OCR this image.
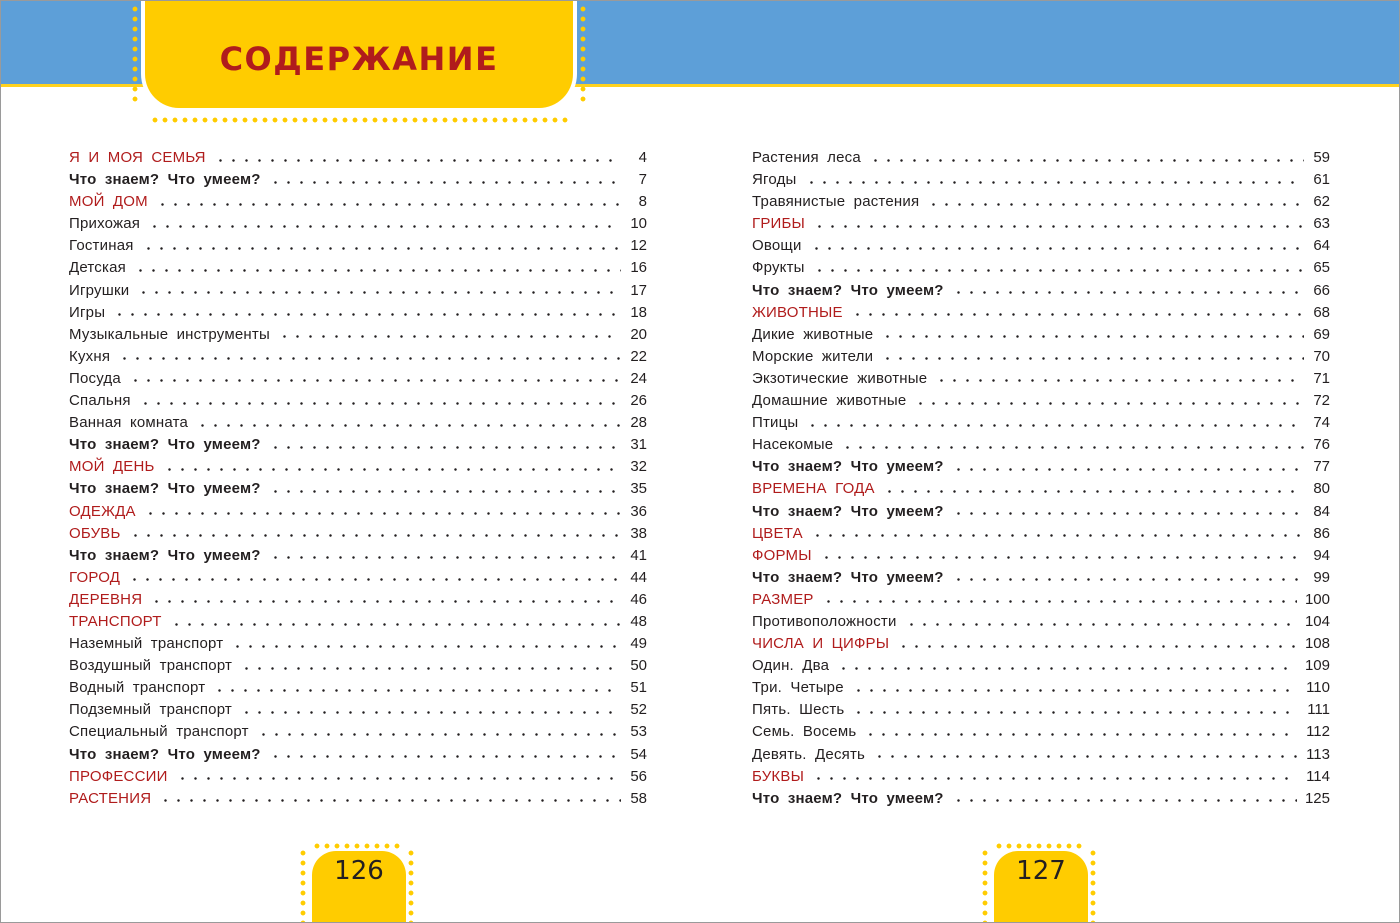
СОДЕРЖАНИЕ
Я И МОЯ СЕМЬЯ	4
Что знаем? Что умеем?	7
МОЙ ДОМ	8
Прихожая	10
Гостиная	12
Детская	16
Игрушки	17
Игры	18
Музыкальные инструменты	20
Кухня	22
Посуда	24
Спальня	26
Ванная комната	28
Что знаем? Что умеем?	31
МОЙ ДЕНЬ	32
Что знаем? Что умеем?	35
ОДЕЖДА	36
ОБУВЬ	38
Что знаем? Что умеем?	41
ГОРОД	44
ДЕРЕВНЯ	46
ТРАНСПОРТ	48
Наземный транспорт	49
Воздушный транспорт	50
Водный транспорт	51
Подземный транспорт	52
Специальный транспорт	53
Что знаем? Что умеем?	54
ПРОФЕССИИ	56
РАСТЕНИЯ	58
Растения леса	59
Ягоды	61
Травянистые растения	62
ГРИБЫ	63
Овощи	64
Фрукты	65
Что знаем? Что умеем?	66
ЖИВОТНЫЕ	68
Дикие животные	69
Морские жители	70
Экзотические животные	71
Домашние животные	72
Птицы	74
Насекомые	76
Что знаем? Что умеем?	77
ВРЕМЕНА ГОДА	80
Что знаем? Что умеем?	84
ЦВЕТА	86
ФОРМЫ	94
Что знаем? Что умеем?	99
РАЗМЕР	100
Противоположности	104
ЧИСЛА И ЦИФРЫ	108
Один. Два	109
Три. Четыре	110
Пять. Шесть	111
Семь. Восемь	112
Девять. Десять	113
БУКВЫ	114
Что знаем? Что умеем?	125
126	127
